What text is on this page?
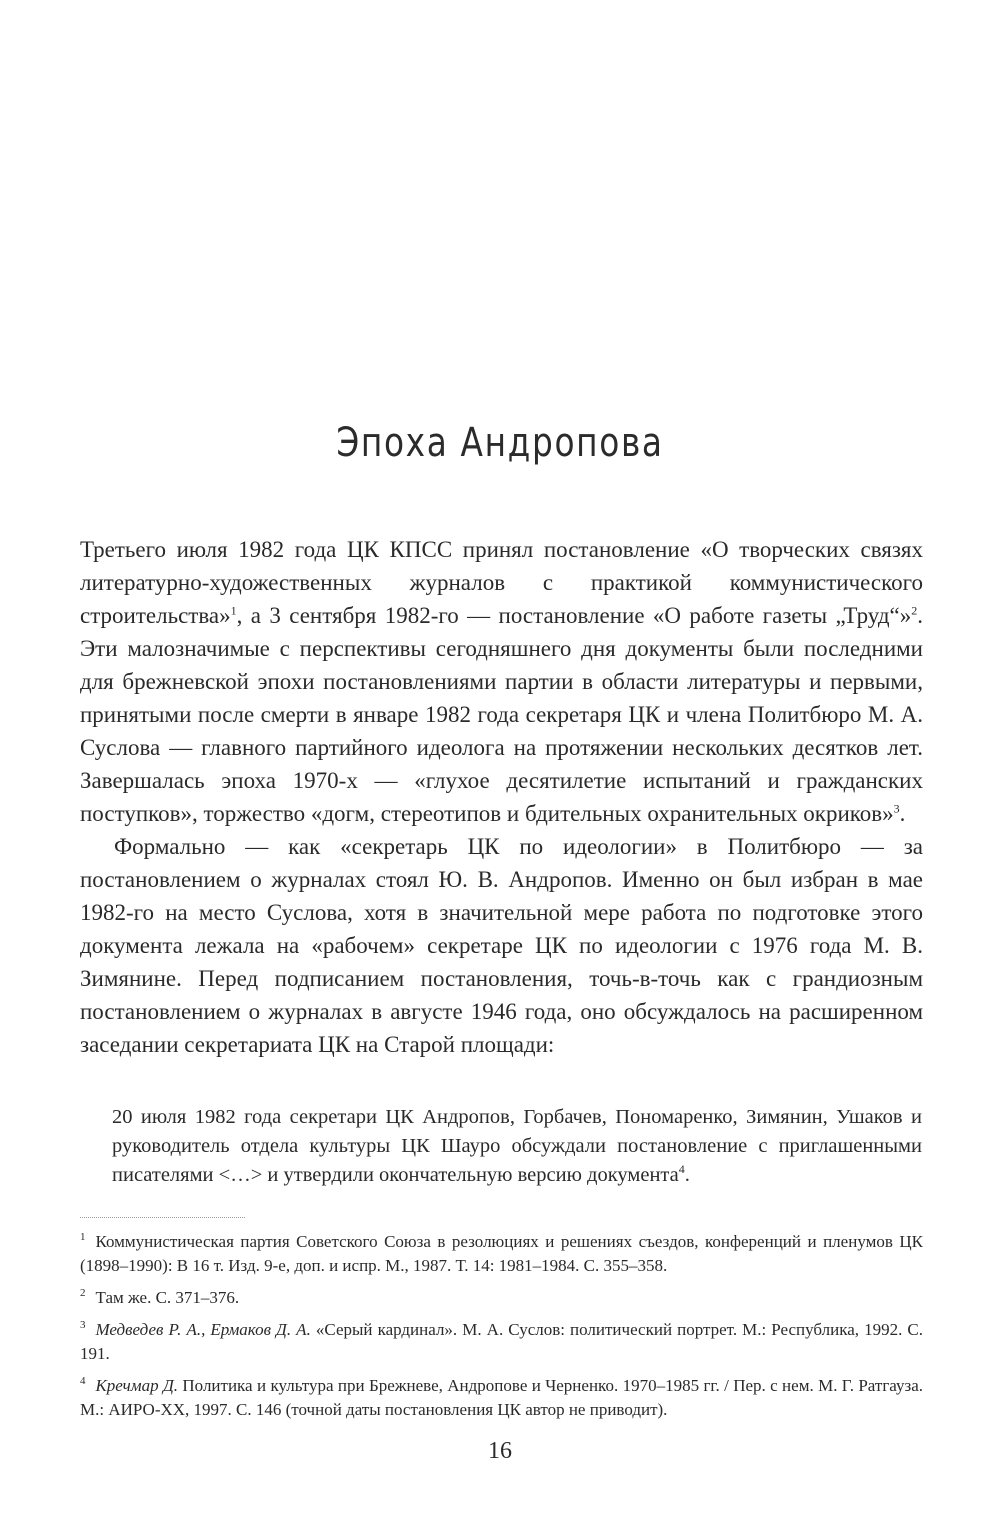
Эпоха Андропова

Третьего июля 1982 года ЦК КПСС принял постановление «О творческих связях литературно-художественных журналов с практикой коммунистического строительства»$^1$, а 3 сентября 1982-го — постановление «О работе газеты „Труд“»$^2$. Эти малозначимые с перспективы сегодняшнего дня документы были последними для брежневской эпохи постановлениями партии в области литературы и первыми, принятыми после смерти в январе 1982 года секретаря ЦК и члена Политбюро М. А. Суслова — главного партийного идеолога на протяжении нескольких десятков лет. Завершалась эпоха 1970-х — «глухое десятилетие испытаний и гражданских поступков», торжество «догм, стереотипов и бдительных охранительных окриков»$^3$.

Формально — как «секретарь ЦК по идеологии» в Политбюро — за постановлением о журналах стоял Ю. В. Андропов. Именно он был избран в мае 1982-го на место Суслова, хотя в значительной мере работа по подготовке этого документа лежала на «рабочем» секретаре ЦК по идеологии с 1976 года М. В. Зимянине. Перед подписанием постановления, точь-в-точь как с грандиозным постановлением о журналах в августе 1946 года, оно обсуждалось на расширенном заседании секретариата ЦК на Старой площади:

20 июля 1982 года секретари ЦК Андропов, Горбачев, Пономаренко, Зимянин, Ушаков и руководитель отдела культуры ЦК Шауро обсуждали постановление с приглашенными писателями <…> и утвердили окончательную версию документа$^4$.

$^1$ Коммунистическая партия Советского Союза в резолюциях и решениях съездов, конференций и пленумов ЦК (1898–1990): В 16 т. Изд. 9-е, доп. и испр. М., 1987. Т. 14: 1981–1984. С. 355–358.

$^2$ Там же. С. 371–376.

$^3$ Медведев Р. А., Ермаков Д. А. «Серый кардинал». М. А. Суслов: политический портрет. М.: Республика, 1992. С. 191.

$^4$ Кречмар Д. Политика и культура при Брежневе, Андропове и Черненко. 1970–1985 гг. / Пер. с нем. М. Г. Ратгауза. М.: АИРО-XX, 1997. С. 146 (точной даты постановления ЦК автор не приводит).

16
